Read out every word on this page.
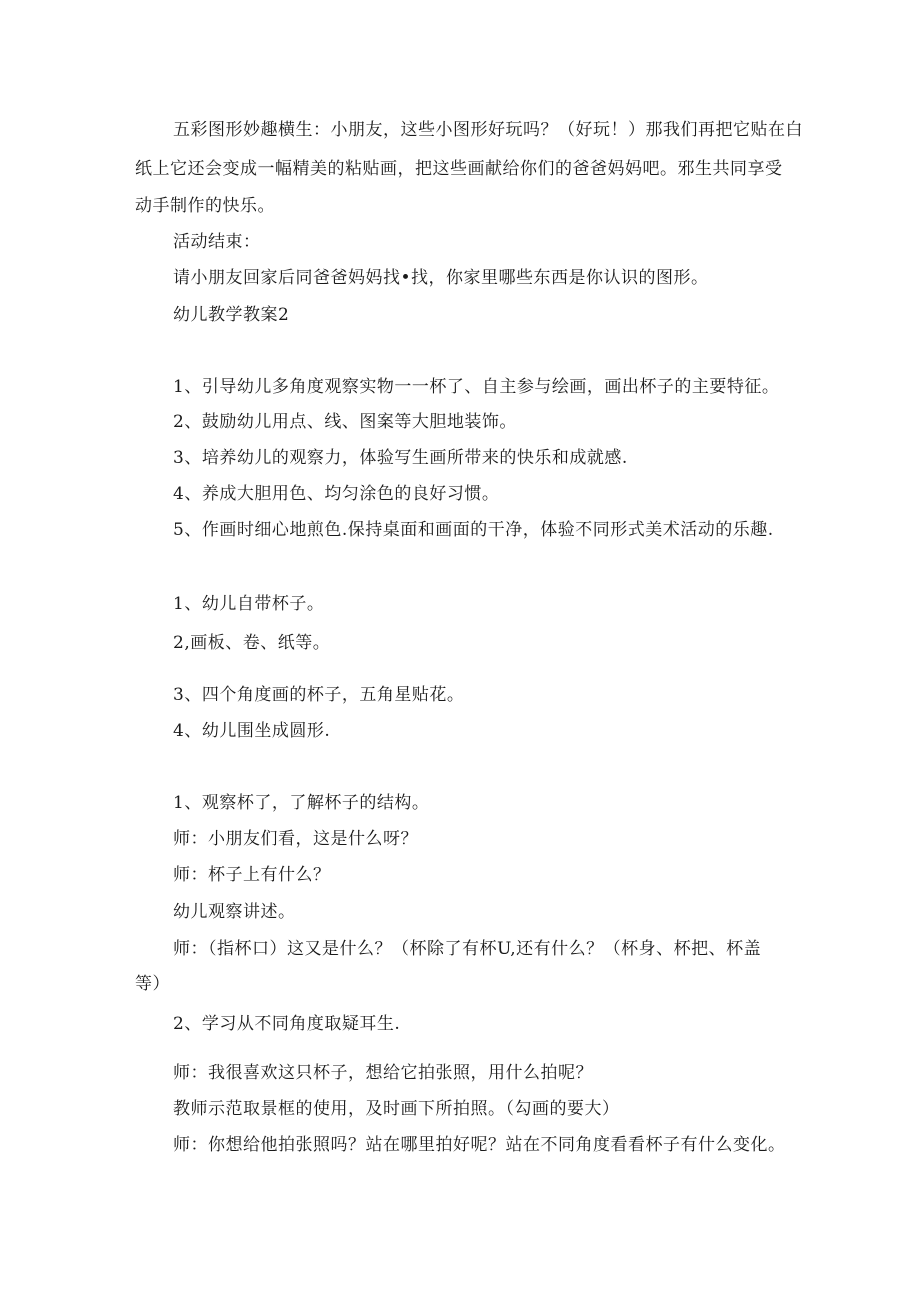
五彩图形妙趣横生：小朋友，这些小图形好玩吗？（好玩！）那我们再把它贴在白
纸上它还会变成一幅精美的粘贴画，把这些画献给你们的爸爸妈妈吧。邪生共同享受
动手制作的快乐。
活动结束：
请小朋友回家后同爸爸妈妈找•找，你家里哪些东西是你认识的图形。
幼儿教学教案2
1、引导幼儿多角度观察实物一一杯了、自主参与绘画，画出杯子的主要特征。
2、鼓励幼儿用点、线、图案等大胆地装饰。
3、培养幼儿的观察力，体验写生画所带来的快乐和成就感.
4、养成大胆用色、均匀涂色的良好习惯。
5、作画时细心地煎色.保持桌面和画面的干净，体验不同形式美术活动的乐趣.
1、幼儿自带杯子。
2,画板、卷、纸等。
3、四个角度画的杯子，五角星贴花。
4、幼儿围坐成圆形.
1、观察杯了，了解杯子的结构。
师：小朋友们看，这是什么呀？
师：杯子上有什么？
幼儿观察讲述。
师：（指杯口）这又是什么？（杯除了有杯U,还有什么？（杯身、杯把、杯盖
等）
2、学习从不同角度取疑耳生.
师：我很喜欢这只杯子，想给它拍张照，用什么拍呢？
教师示范取景框的使用，及时画下所拍照。（勾画的要大）
师：你想给他拍张照吗？站在哪里拍好呢？站在不同角度看看杯子有什么变化。
